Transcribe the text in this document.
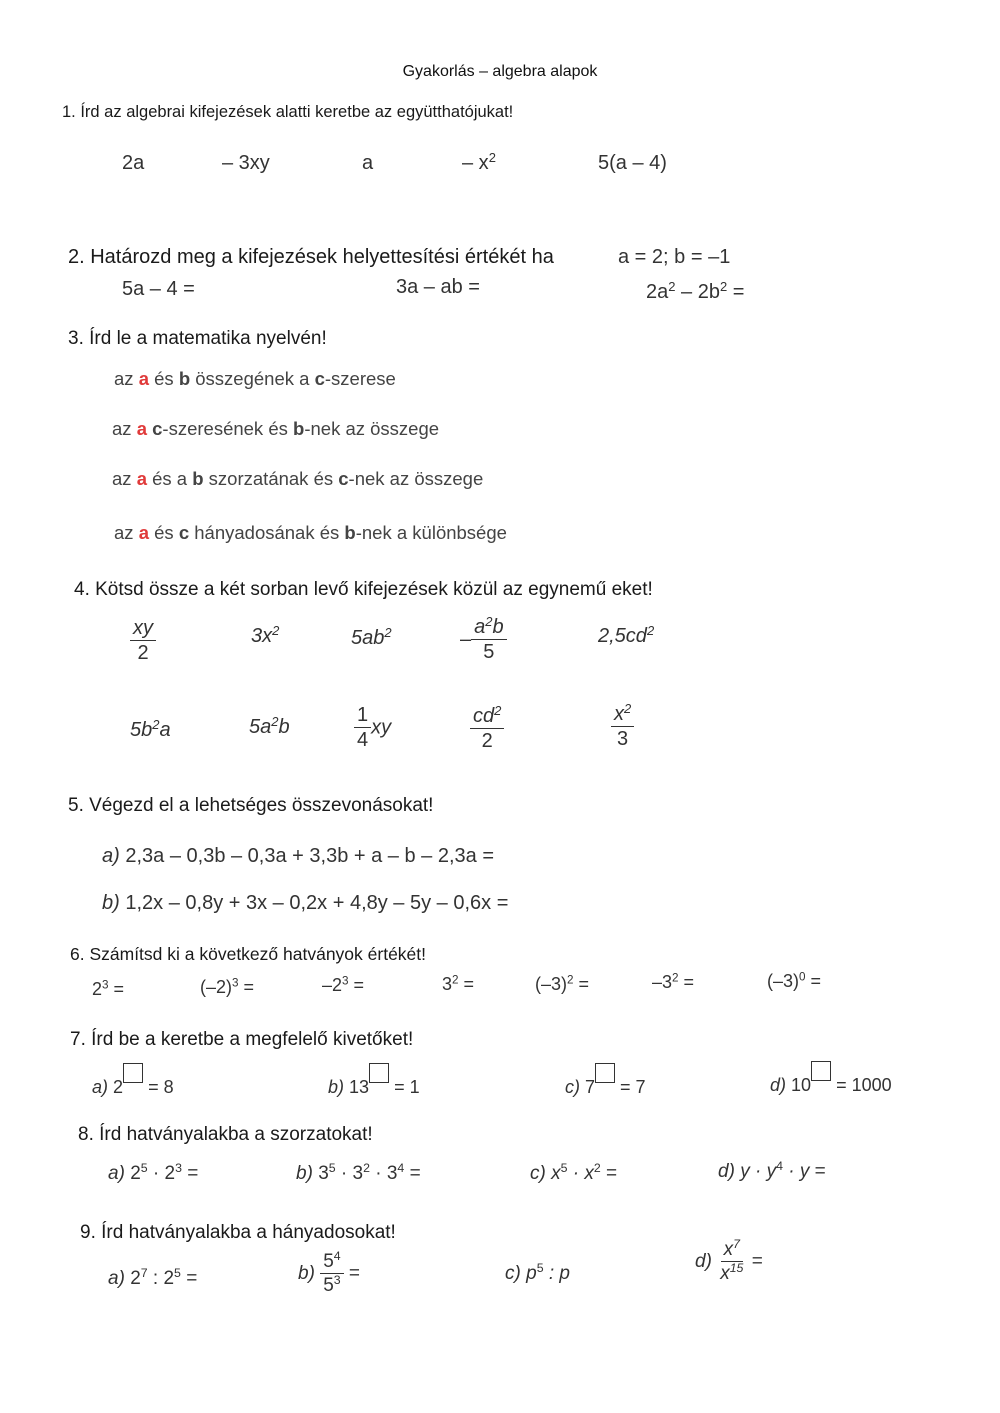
Gyakorlás – algebra alapok
1. Írd az algebrai kifejezések alatti keretbe az együtthatójukat!
2a	– 3xy	a	– $x^2$	5(a – 4)
2. Határozd meg a kifejezések helyettesítési értékét ha	a = 2; b = –1
5a – 4 =	3a – ab =	$2a^2 - 2b^2$ =
3. Írd le a matematika nyelvén!
az a és b összegének a c-szerese
az a c-szeresének és b-nek az összege
az a és a b szorzatának és c-nek az összege
az a és c hányadosának és b-nek a különbsége
4. Kötsd össze a két sorban levő kifejezések közül az egynemű eket!
$\frac{xy}{2}$	$3x^2$	$5ab^2$	– $\frac{a^2b}{5}$	$2,5cd^2$
$5b^2a$	$5a^2b$	$\frac{1}{4}$ xy	$\frac{cd^2}{2}$	$\frac{x^2}{3}$
5. Végezd el a lehetséges összevonásokat!
a) 2,3a – 0,3b – 0,3a + 3,3b + a – b – 2,3a =
b) 1,2x – 0,8y + 3x – 0,2x + 4,8y – 5y – 0,6x =
6. Számítsd ki a következő hatványok értékét!
$2^3$ =	$(-2)^3$ =	$-2^3$ =	$3^2$ =	$(-3)^2$ =	$-3^2$ =	$(-3)^0$ =
7. Írd be a keretbe a megfelelő kivetőket!
a) 2 = 8	b) 13 = 1	c) 7 = 7	d) 10 = 1000
8. Írd hatványalakba a szorzatokat!
a) $2^5 \cdot 2^3$ =	b) $3^5 \cdot 3^2 \cdot 3^4$ =	c) $x^5 \cdot x^2$ =	d) $y \cdot y^4 \cdot y$ =
9. Írd hatványalakba a hányadosokat!
a) $2^7$ : $2^5$ =	$b) \frac{5^4}{5^3}$ =	c) $p^5$ : p
$d) \frac{x^7}{x^{15}}$ =
